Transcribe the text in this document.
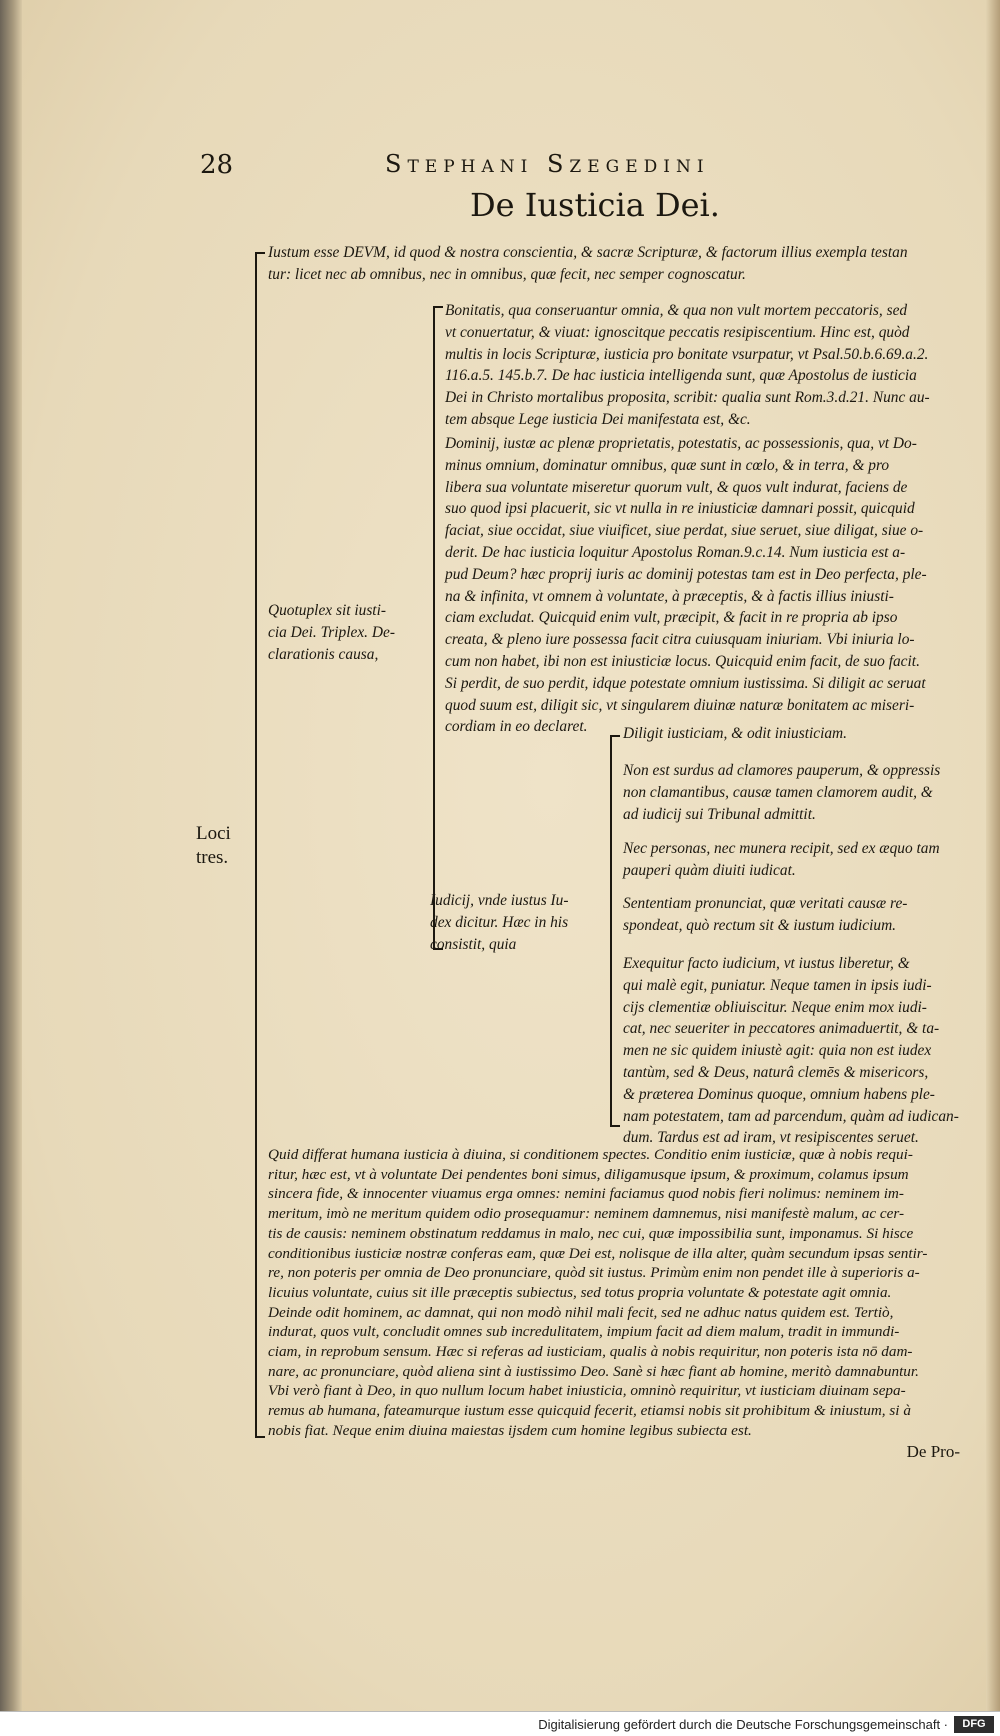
28	Stephani Szegedini
De Iusticia Dei.
Loci
tres.
Iustum esse DEVM, id quod & nostra conscientia, & sacræ Scripturæ, & factorum illius exempla testan
tur: licet nec ab omnibus, nec in omnibus, quæ fecit, nec semper cognoscatur.
Quotuplex sit iusti-
cia Dei. Triplex. De-
clarationis causa,
Bonitatis, qua conseruantur omnia, & qua non vult mortem peccatoris, sed
vt conuertatur, & viuat: ignoscitque peccatis resipiscentium. Hinc est, quòd
multis in locis Scripturæ, iusticia pro bonitate vsurpatur, vt Psal.50.b.6.69.a.2.
116.a.5. 145.b.7. De hac iusticia intelligenda sunt, quæ Apostolus de iusticia
Dei in Christo mortalibus proposita, scribit: qualia sunt Rom.3.d.21. Nunc au-
tem absque Lege iusticia Dei manifestata est, &c.
Dominij, iustæ ac plenæ proprietatis, potestatis, ac possessionis, qua, vt Do-
minus omnium, dominatur omnibus, quæ sunt in cœlo, & in terra, & pro
libera sua voluntate miseretur quorum vult, & quos vult indurat, faciens de
suo quod ipsi placuerit, sic vt nulla in re iniusticiæ damnari possit, quicquid
faciat, siue occidat, siue viuificet, siue perdat, siue seruet, siue diligat, siue o-
derit. De hac iusticia loquitur Apostolus Roman.9.c.14. Num iusticia est a-
pud Deum? hæc proprij iuris ac dominij potestas tam est in Deo perfecta, ple-
na & infinita, vt omnem à voluntate, à præceptis, & à factis illius iniusti-
ciam excludat. Quicquid enim vult, præcipit, & facit in re propria ab ipso
creata, & pleno iure possessa facit citra cuiusquam iniuriam. Vbi iniuria lo-
cum non habet, ibi non est iniusticiæ locus. Quicquid enim facit, de suo facit.
Si perdit, de suo perdit, idque potestate omnium iustissima. Si diligit ac seruat
quod suum est, diligit sic, vt singularem diuinæ naturæ bonitatem ac miseri-
cordiam in eo declaret.
Iudicij, vnde iustus Iu-
dex dicitur. Hæc in his
consistit, quia
Diligit iusticiam, & odit iniusticiam.
Non est surdus ad clamores pauperum, & oppressis
non clamantibus, causæ tamen clamorem audit, &
ad iudicij sui Tribunal admittit.
Nec personas, nec munera recipit, sed ex æquo tam
pauperi quàm diuiti iudicat.
Sententiam pronunciat, quæ veritati causæ re-
spondeat, quò rectum sit & iustum iudicium.
Exequitur facto iudicium, vt iustus liberetur, &
qui malè egit, puniatur. Neque tamen in ipsis iudi-
cijs clementiæ obliuiscitur. Neque enim mox iudi-
cat, nec seueriter in peccatores animaduertit, & ta-
men ne sic quidem iniustè agit: quia non est iudex
tantùm, sed & Deus, naturâ clemēs & misericors,
& præterea Dominus quoque, omnium habens ple-
nam potestatem, tam ad parcendum, quàm ad iudican-
dum. Tardus est ad iram, vt resipiscentes seruet.
Quid differat humana iusticia à diuina, si conditionem spectes. Conditio enim iusticiæ, quæ à nobis requi-
ritur, hæc est, vt à voluntate Dei pendentes boni simus, diligamusque ipsum, & proximum, colamus ipsum
sincera fide, & innocenter viuamus erga omnes: nemini faciamus quod nobis fieri nolimus: neminem im-
meritum, imò ne meritum quidem odio prosequamur: neminem damnemus, nisi manifestè malum, ac cer-
tis de causis: neminem obstinatum reddamus in malo, nec cui, quæ impossibilia sunt, imponamus. Si hisce
conditionibus iusticiæ nostræ conferas eam, quæ Dei est, nolisque de illa alter, quàm secundum ipsas sentir-
re, non poteris per omnia de Deo pronunciare, quòd sit iustus. Primùm enim non pendet ille à superioris a-
licuius voluntate, cuius sit ille præceptis subiectus, sed totus propria voluntate & potestate agit omnia.
Deinde odit hominem, ac damnat, qui non modò nihil mali fecit, sed ne adhuc natus quidem est. Tertiò,
indurat, quos vult, concludit omnes sub incredulitatem, impium facit ad diem malum, tradit in immundi-
ciam, in reprobum sensum. Hæc si referas ad iusticiam, qualis à nobis requiritur, non poteris ista nō dam-
nare, ac pronunciare, quòd aliena sint à iustissimo Deo. Sanè si hæc fiant ab homine, meritò damnabuntur.
Vbi verò fiant à Deo, in quo nullum locum habet iniusticia, omninò requiritur, vt iusticiam diuinam sepa-
remus ab humana, fateamurque iustum esse quicquid fecerit, etiamsi nobis sit prohibitum & iniustum, si à
nobis fiat. Neque enim diuina maiestas ijsdem cum homine legibus subiecta est.
De Pro-
Digitalisierung gefördert durch die Deutsche Forschungsgemeinschaft ·	DFG
